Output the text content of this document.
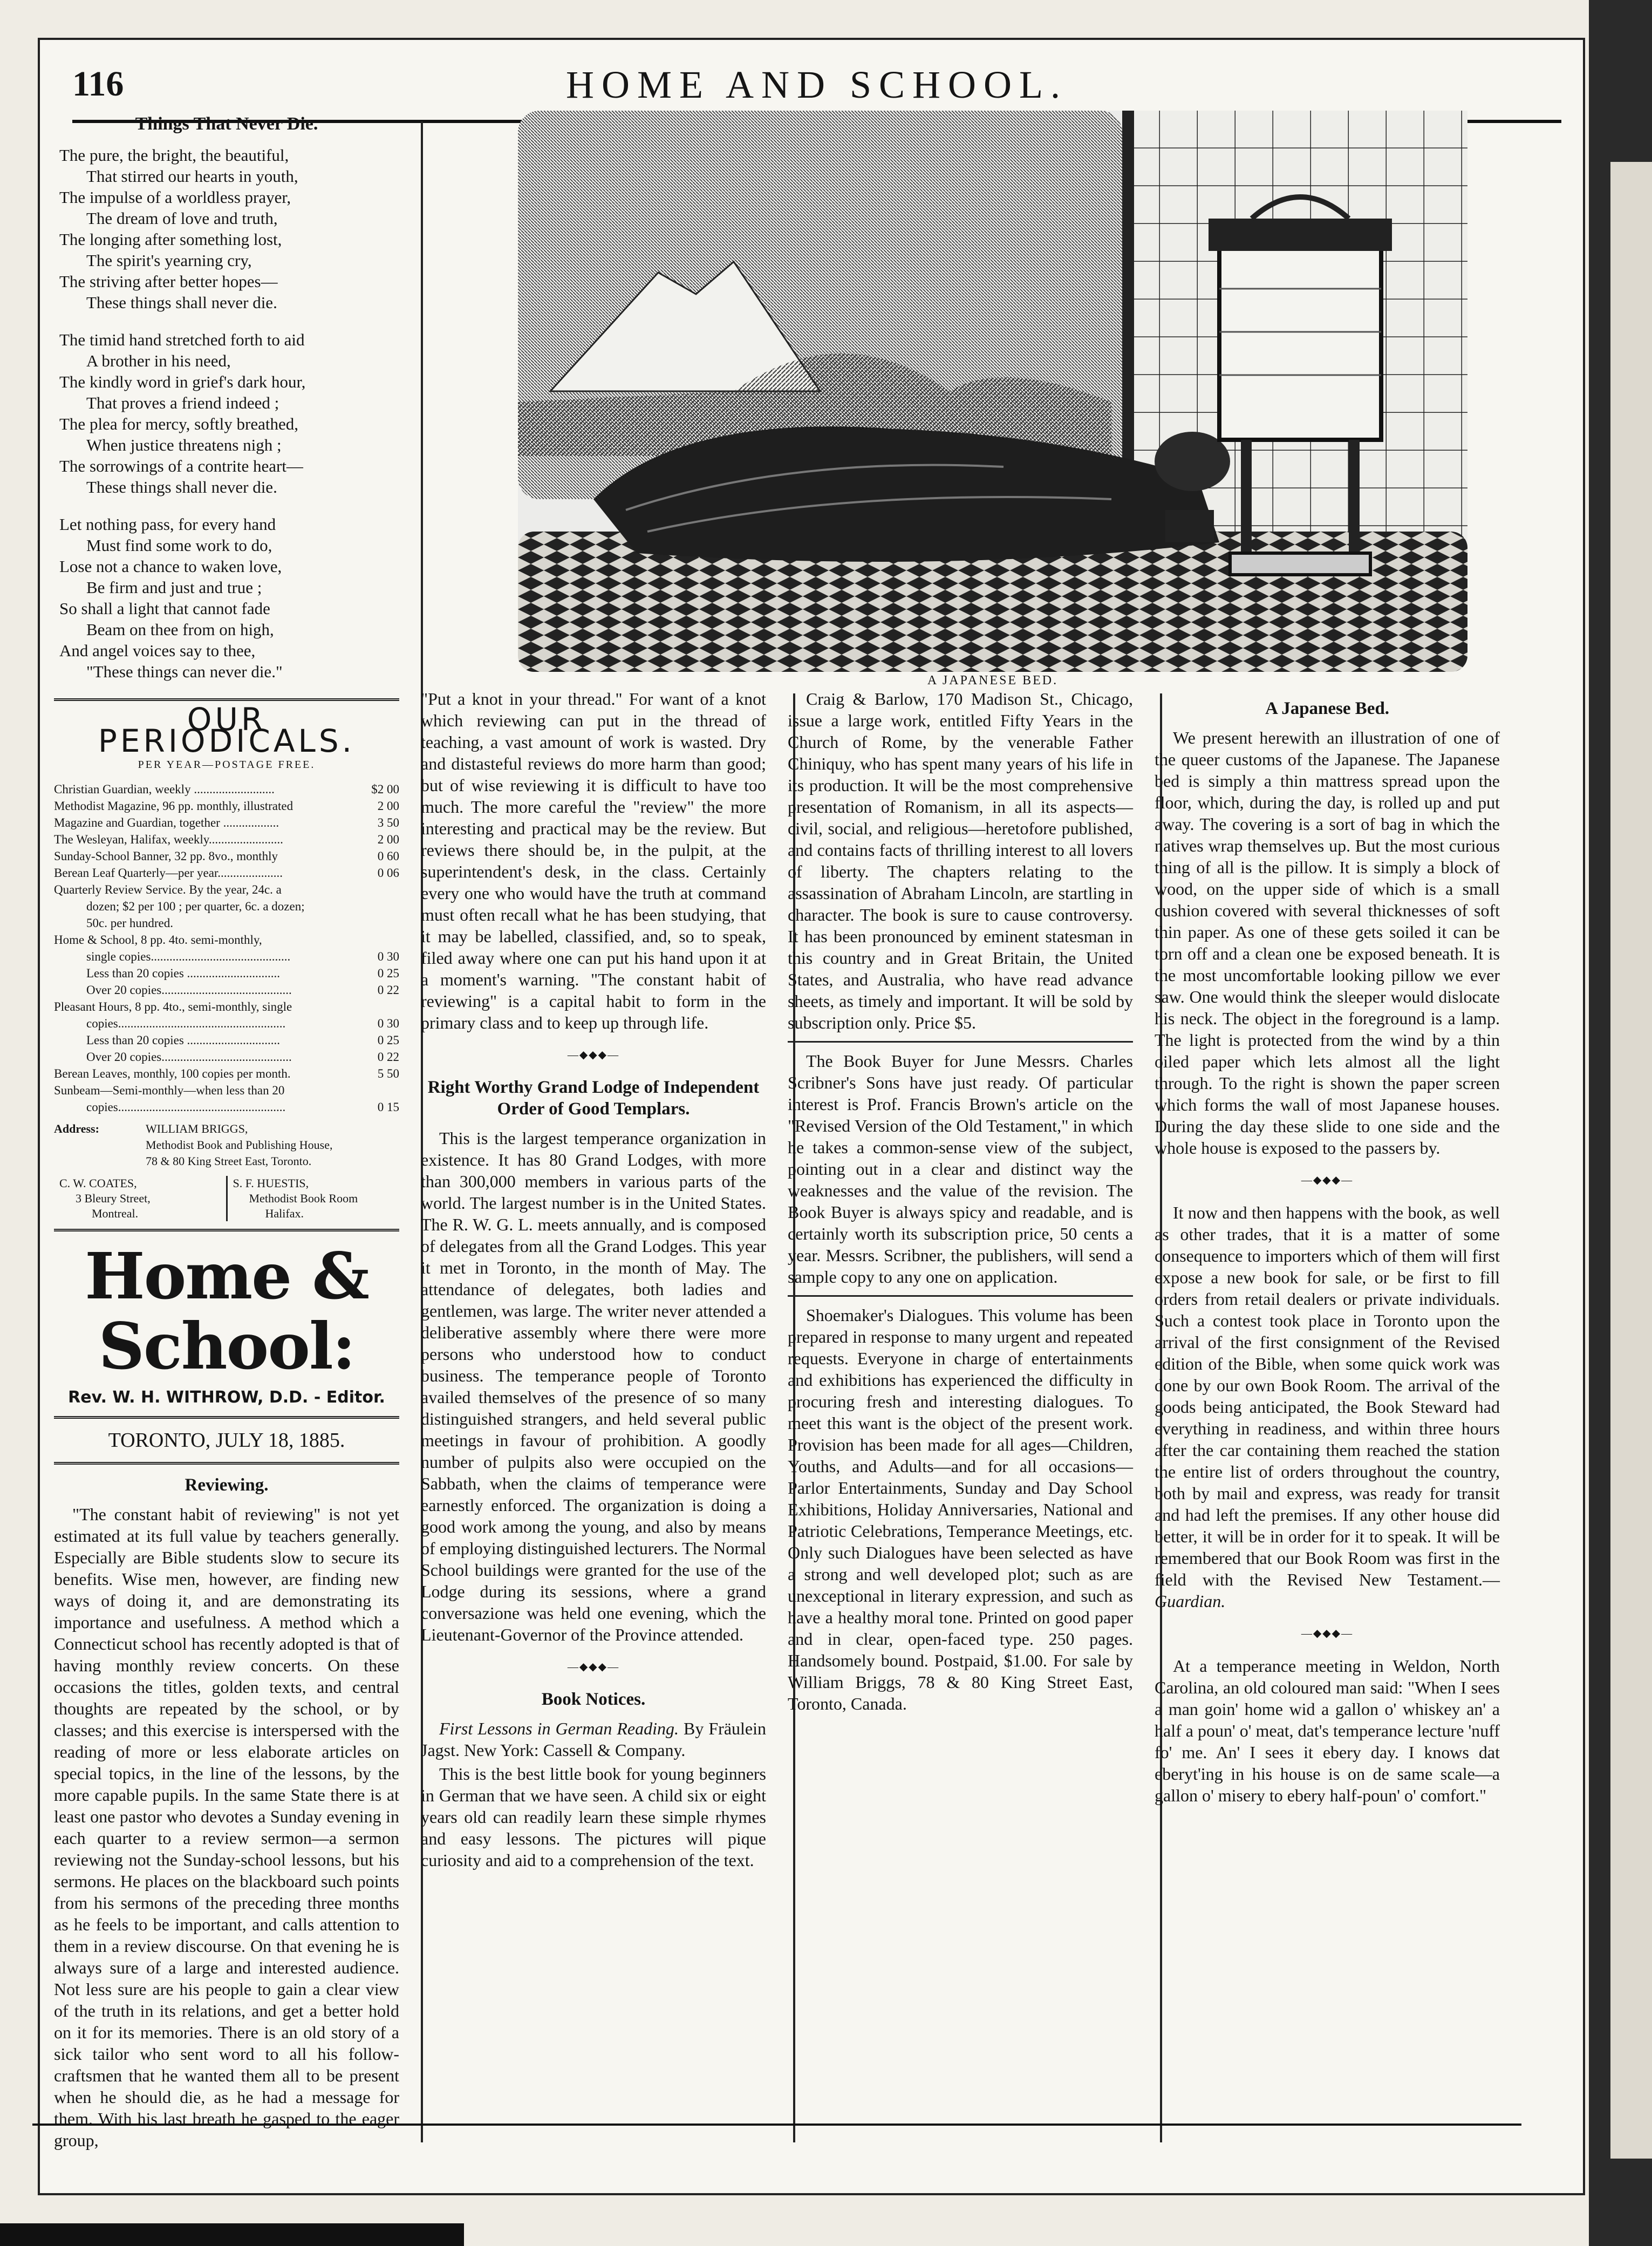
116	HOME AND SCHOOL.
Things That Never Die.
The pure, the bright, the beautiful,
That stirred our hearts in youth,
The impulse of a worldless prayer,
The dream of love and truth,
The longing after something lost,
The spirit's yearning cry,
The striving after better hopes—
These things shall never die.
The timid hand stretched forth to aid
A brother in his need,
The kindly word in grief's dark hour,
That proves a friend indeed ;
The plea for mercy, softly breathed,
When justice threatens nigh ;
The sorrowings of a contrite heart—
These things shall never die.
Let nothing pass, for every hand
Must find some work to do,
Lose not a chance to waken love,
Be firm and just and true ;
So shall a light that cannot fade
Beam on thee from on high,
And angel voices say to thee,
"These things can never die."
OUR PERIODICALS.
PER YEAR—POSTAGE FREE.
Christian Guardian, weekly ..........................	$2 00
Methodist Magazine, 96 pp. monthly, illustrated	2 00
Magazine and Guardian, together ..................	3 50
The Wesleyan, Halifax, weekly........................	2 00
Sunday-School Banner, 32 pp. 8vo., monthly	0 60
Berean Leaf Quarterly—per year.....................	0 06
Quarterly Review Service. By the year, 24c. a
dozen; $2 per 100 ; per quarter, 6c. a dozen;
50c. per hundred.
Home & School, 8 pp. 4to. semi-monthly,
single copies.............................................	0 30
Less than 20 copies ..............................	0 25
Over 20 copies..........................................	0 22
Pleasant Hours, 8 pp. 4to., semi-monthly, single
copies......................................................	0 30
Less than 20 copies ..............................	0 25
Over 20 copies..........................................	0 22
Berean Leaves, monthly, 100 copies per month.	5 50
Sunbeam—Semi-monthly—when less than 20
copies......................................................	0 15
Address:	WILLIAM BRIGGS,
Methodist Book and Publishing House,
78 & 80 King Street East, Toronto.
C. W. COATES,
3 Bleury Street,
Montreal.
S. F. HUESTIS,
Methodist Book Room
Halifax.
Home & School:
Rev. W. H. WITHROW, D.D. - Editor.
TORONTO, JULY 18, 1885.
Reviewing.

"The constant habit of reviewing" is not yet estimated at its full value by teachers generally. Especially are Bible students slow to secure its benefits. Wise men, however, are finding new ways of doing it, and are demonstrating its importance and usefulness. A method which a Connecticut school has recently adopted is that of having monthly review concerts. On these occasions the titles, golden texts, and central thoughts are repeated by the school, or by classes; and this exercise is interspersed with the reading of more or less elaborate articles on special topics, in the line of the lessons, by the more capable pupils. In the same State there is at least one pastor who devotes a Sunday evening in each quarter to a review sermon—a sermon reviewing not the Sunday-school lessons, but his sermons. He places on the blackboard such points from his sermons of the preceding three months as he feels to be important, and calls attention to them in a review discourse. On that evening he is always sure of a large and interested audience. Not less sure are his people to gain a clear view of the truth in its relations, and get a better hold on it for its memories. There is an old story of a sick tailor who sent word to all his follow-craftsmen that he wanted them all to be present when he should die, as he had a message for them. With his last breath he gasped to the eager group,

A JAPANESE BED.

"Put a knot in your thread." For want of a knot which reviewing can put in the thread of teaching, a vast amount of work is wasted. Dry and distasteful reviews do more harm than good; but of wise reviewing it is difficult to have too much. The more careful the "review" the more interesting and practical may be the review. But reviews there should be, in the pulpit, at the superintendent's desk, in the class. Certainly every one who would have the truth at command must often recall what he has been studying, that it may be labelled, classified, and, so to speak, filed away where one can put his hand upon it at a moment's warning. "The constant habit of reviewing" is a capital habit to form in the primary class and to keep up through life.

—◆◆◆—
Right Worthy Grand Lodge of Independent Order of Good Templars.

This is the largest temperance organization in existence. It has 80 Grand Lodges, with more than 300,000 members in various parts of the world. The largest number is in the United States. The R. W. G. L. meets annually, and is composed of delegates from all the Grand Lodges. This year it met in Toronto, in the month of May. The attendance of delegates, both ladies and gentlemen, was large. The writer never attended a deliberative assembly where there were more persons who understood how to conduct business. The temperance people of Toronto availed themselves of the presence of so many distinguished strangers, and held several public meetings in favour of prohibition. A goodly number of pulpits also were occupied on the Sabbath, when the claims of temperance were earnestly enforced. The organization is doing a good work among the young, and also by means of employing distinguished lecturers. The Normal School buildings were granted for the use of the Lodge during its sessions, where a grand conversazione was held one evening, which the Lieutenant-Governor of the Province attended.

—◆◆◆—
Book Notices.

First Lessons in German Reading. By Fräulein Jagst. New York: Cassell & Company.

This is the best little book for young beginners in German that we have seen. A child six or eight years old can readily learn these simple rhymes and easy lessons. The pictures will pique curiosity and aid to a comprehension of the text.

Craig & Barlow, 170 Madison St., Chicago, issue a large work, entitled Fifty Years in the Church of Rome, by the venerable Father Chiniquy, who has spent many years of his life in its production. It will be the most comprehensive presentation of Romanism, in all its aspects—civil, social, and religious—heretofore published, and contains facts of thrilling interest to all lovers of liberty. The chapters relating to the assassination of Abraham Lincoln, are startling in character. The book is sure to cause controversy. It has been pronounced by eminent statesman in this country and in Great Britain, the United States, and Australia, who have read advance sheets, as timely and important. It will be sold by subscription only. Price $5.

The Book Buyer for June Messrs. Charles Scribner's Sons have just ready. Of particular interest is Prof. Francis Brown's article on the "Revised Version of the Old Testament," in which he takes a common-sense view of the subject, pointing out in a clear and distinct way the weaknesses and the value of the revision. The Book Buyer is always spicy and readable, and is certainly worth its subscription price, 50 cents a year. Messrs. Scribner, the publishers, will send a sample copy to any one on application.

Shoemaker's Dialogues. This volume has been prepared in response to many urgent and repeated requests. Everyone in charge of entertainments and exhibitions has experienced the difficulty in procuring fresh and interesting dialogues. To meet this want is the object of the present work. Provision has been made for all ages—Children, Youths, and Adults—and for all occasions—Parlor Entertainments, Sunday and Day School Exhibitions, Holiday Anniversaries, National and Patriotic Celebrations, Temperance Meetings, etc. Only such Dialogues have been selected as have a strong and well developed plot; such as are unexceptional in literary expression, and such as have a healthy moral tone. Printed on good paper and in clear, open-faced type. 250 pages. Handsomely bound. Postpaid, $1.00. For sale by William Briggs, 78 & 80 King Street East, Toronto, Canada.

A Japanese Bed.

We present herewith an illustration of one of the queer customs of the Japanese. The Japanese bed is simply a thin mattress spread upon the floor, which, during the day, is rolled up and put away. The covering is a sort of bag in which the natives wrap themselves up. But the most curious thing of all is the pillow. It is simply a block of wood, on the upper side of which is a small cushion covered with several thicknesses of soft thin paper. As one of these gets soiled it can be torn off and a clean one be exposed beneath. It is the most uncomfortable looking pillow we ever saw. One would think the sleeper would dislocate his neck. The object in the foreground is a lamp. The light is protected from the wind by a thin oiled paper which lets almost all the light through. To the right is shown the paper screen which forms the wall of most Japanese houses. During the day these slide to one side and the whole house is exposed to the passers by.

—◆◆◆—

It now and then happens with the book, as well as other trades, that it is a matter of some consequence to importers which of them will first expose a new book for sale, or be first to fill orders from retail dealers or private individuals. Such a contest took place in Toronto upon the arrival of the first consignment of the Revised edition of the Bible, when some quick work was done by our own Book Room. The arrival of the goods being anticipated, the Book Steward had everything in readiness, and within three hours after the car containing them reached the station the entire list of orders throughout the country, both by mail and express, was ready for transit and had left the premises. If any other house did better, it will be in order for it to speak. It will be remembered that our Book Room was first in the field with the Revised New Testament.—Guardian.

—◆◆◆—

At a temperance meeting in Weldon, North Carolina, an old coloured man said: "When I sees a man goin' home wid a gallon o' whiskey an' a half a poun' o' meat, dat's temperance lecture 'nuff fo' me. An' I sees it ebery day. I knows dat eberyt'ing in his house is on de same scale—a gallon o' misery to ebery half-poun' o' comfort."
